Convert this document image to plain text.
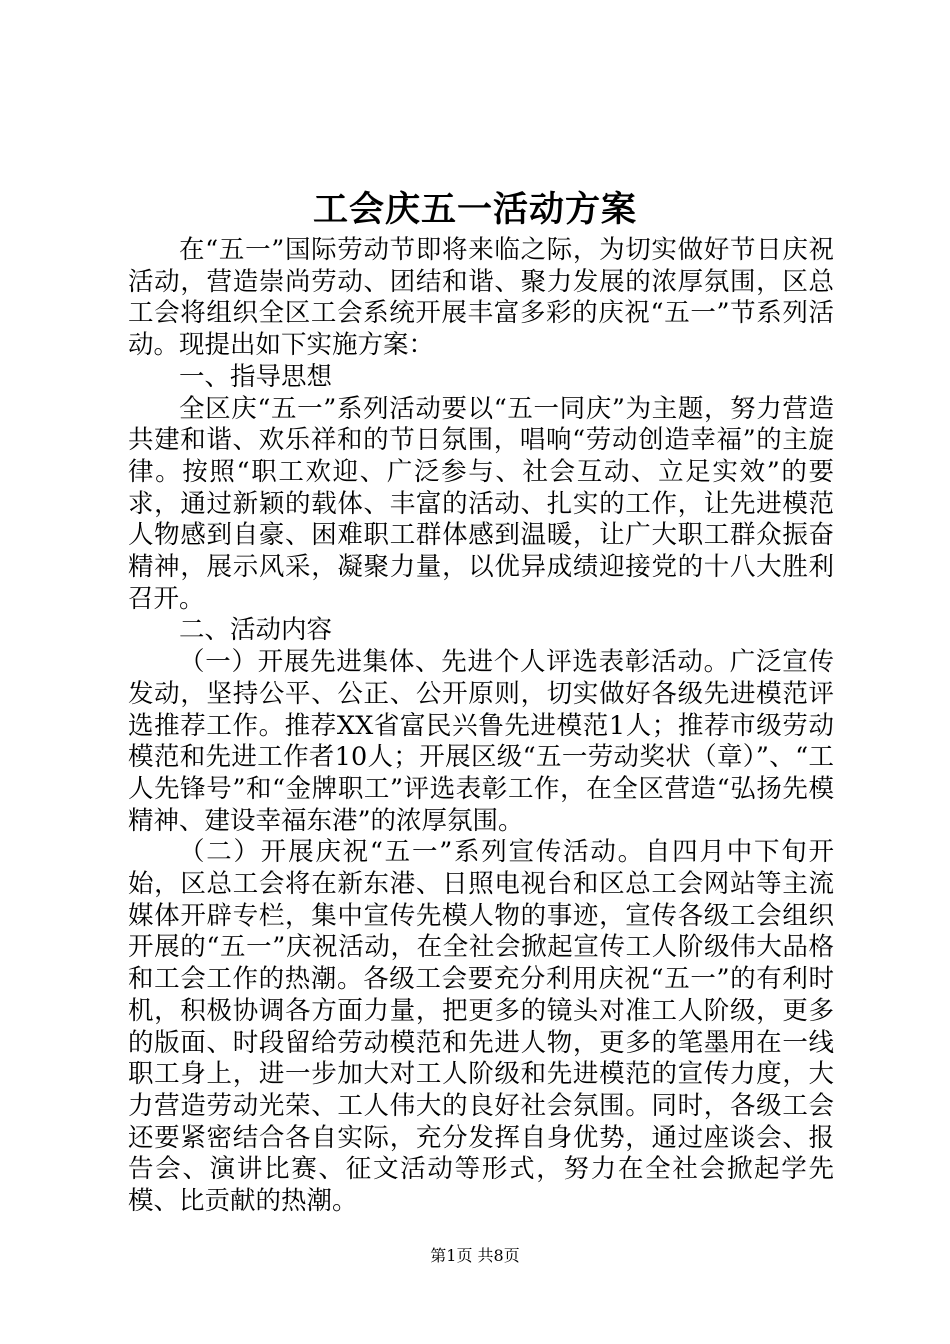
工会庆五一活动方案

在“五一”国际劳动节即将来临之际，为切实做好节日庆祝活动，营造崇尚劳动、团结和谐、聚力发展的浓厚氛围，区总工会将组织全区工会系统开展丰富多彩的庆祝“五一”节系列活动。现提出如下实施方案：

一、指导思想

全区庆“五一”系列活动要以“五一同庆”为主题，努力营造共建和谐、欢乐祥和的节日氛围，唱响“劳动创造幸福”的主旋律。按照“职工欢迎、广泛参与、社会互动、立足实效”的要求，通过新颖的载体、丰富的活动、扎实的工作，让先进模范人物感到自豪、困难职工群体感到温暖，让广大职工群众振奋精神，展示风采，凝聚力量，以优异成绩迎接党的十八大胜利召开。

二、活动内容

（一）开展先进集体、先进个人评选表彰活动。广泛宣传发动，坚持公平、公正、公开原则，切实做好各级先进模范评选推荐工作。推荐XX省富民兴鲁先进模范1人；推荐市级劳动模范和先进工作者10人；开展区级“五一劳动奖状（章）”、“工人先锋号”和“金牌职工”评选表彰工作，在全区营造“弘扬先模精神、建设幸福东港”的浓厚氛围。

（二）开展庆祝“五一”系列宣传活动。自四月中下旬开始，区总工会将在新东港、日照电视台和区总工会网站等主流媒体开辟专栏，集中宣传先模人物的事迹，宣传各级工会组织开展的“五一”庆祝活动，在全社会掀起宣传工人阶级伟大品格和工会工作的热潮。各级工会要充分利用庆祝“五一”的有利时机，积极协调各方面力量，把更多的镜头对准工人阶级，更多的版面、时段留给劳动模范和先进人物，更多的笔墨用在一线职工身上，进一步加大对工人阶级和先进模范的宣传力度，大力营造劳动光荣、工人伟大的良好社会氛围。同时，各级工会还要紧密结合各自实际，充分发挥自身优势，通过座谈会、报告会、演讲比赛、征文活动等形式，努力在全社会掀起学先模、比贡献的热潮。

第1页 共8页
